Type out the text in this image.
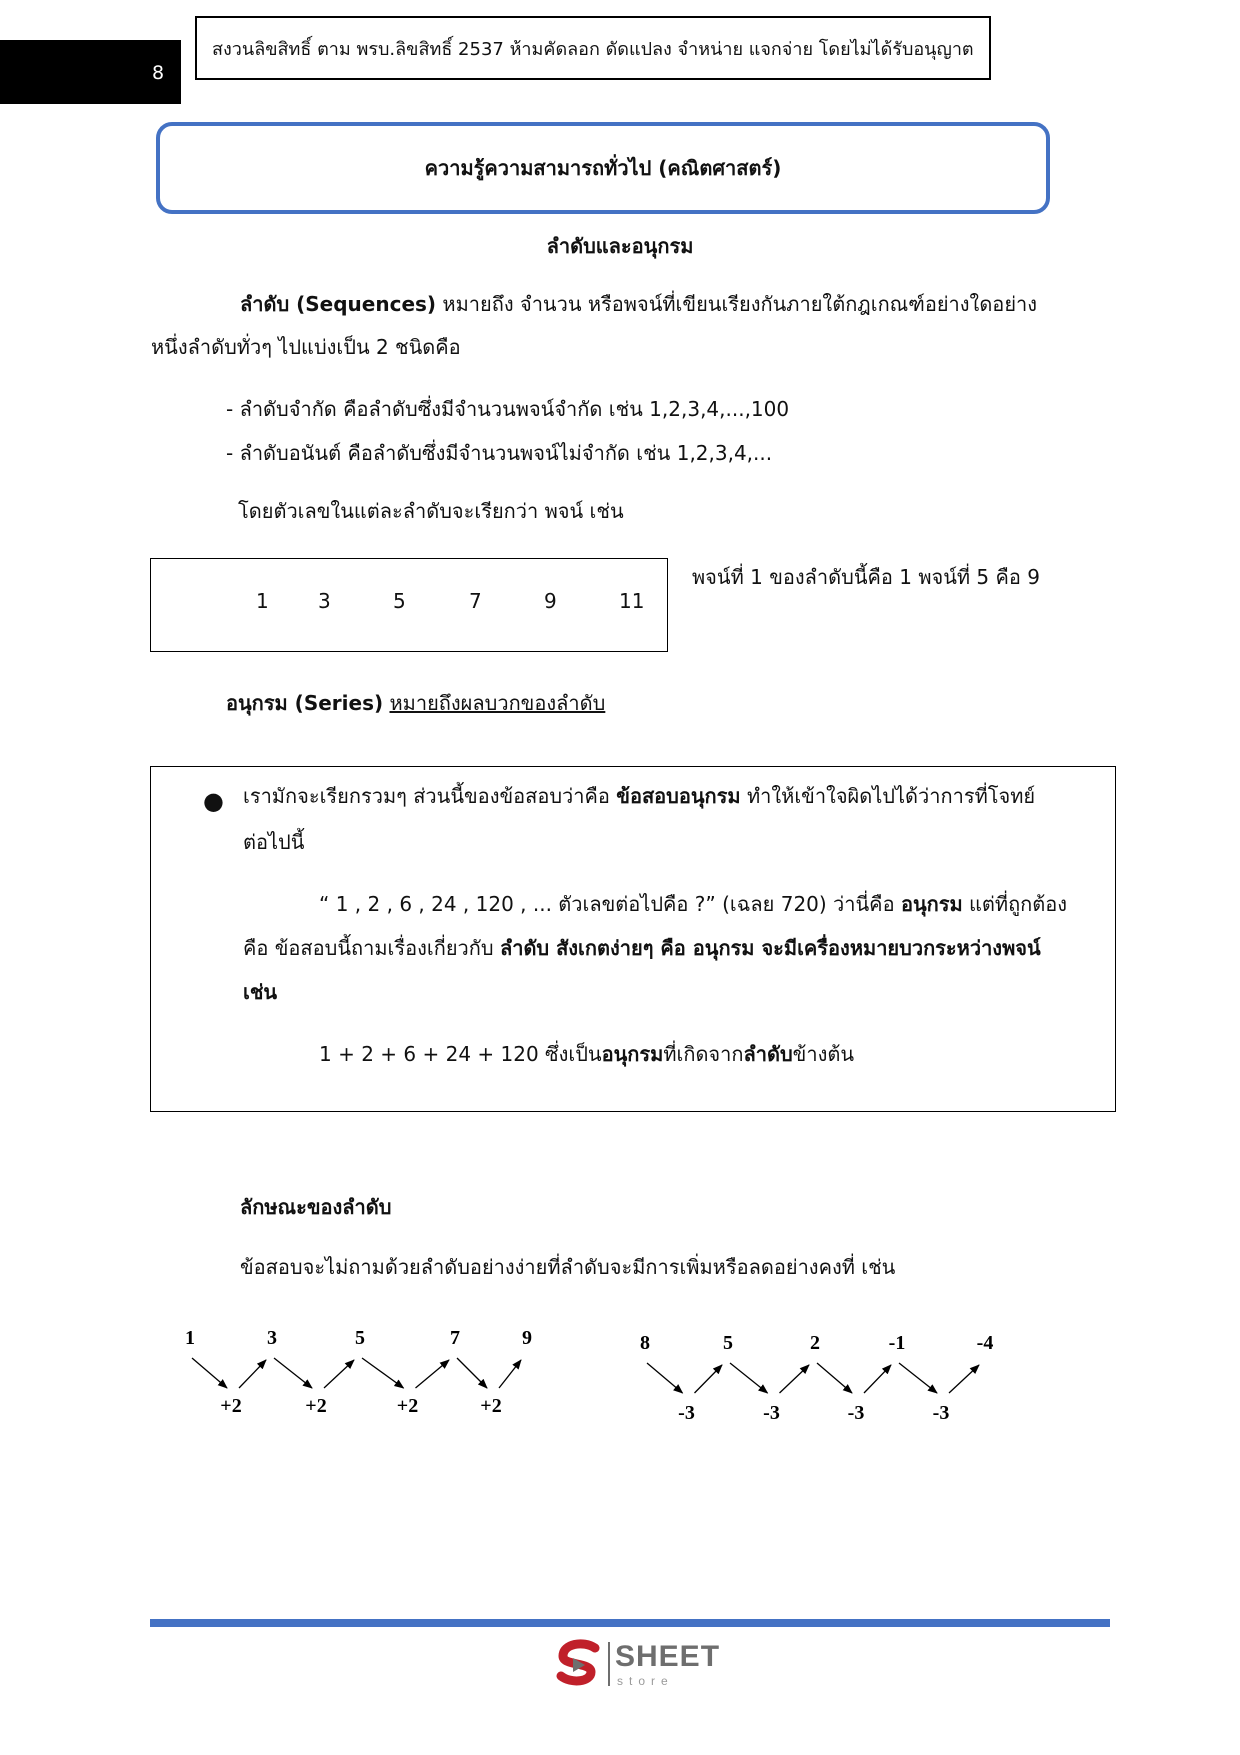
8
สงวนลิขสิทธิ์ ตาม พรบ.ลิขสิทธิ์ 2537 ห้ามคัดลอก ดัดแปลง จำหน่าย แจกจ่าย โดยไม่ได้รับอนุญาต
ความรู้ความสามารถทั่วไป (คณิตศาสตร์)
ลำดับและอนุกรม
ลำดับ (Sequences) หมายถึง จำนวน หรือพจน์ที่เขียนเรียงกันภายใต้กฎเกณฑ์อย่างใดอย่าง
หนึ่งลำดับทั่วๆ ไปแบ่งเป็น 2 ชนิดคือ
- ลำดับจำกัด คือลำดับซึ่งมีจำนวนพจน์จำกัด เช่น 1,2,3,4,...,100
- ลำดับอนันต์ คือลำดับซึ่งมีจำนวนพจน์ไม่จำกัด เช่น 1,2,3,4,...
โดยตัวเลขในแต่ละลำดับจะเรียกว่า พจน์ เช่น
1 3	5	7	9	11
พจน์ที่ 1 ของลำดับนี้คือ 1 พจน์ที่ 5 คือ 9
อนุกรม (Series) หมายถึงผลบวกของลำดับ
● เรามักจะเรียกรวมๆ ส่วนนี้ของข้อสอบว่าคือ ข้อสอบอนุกรม ทำให้เข้าใจผิดไปได้ว่าการที่โจทย์
ต่อไปนี้
“ 1 , 2 , 6 , 24 , 120 , ... ตัวเลขต่อไปคือ ?” (เฉลย 720) ว่านี่คือ อนุกรม แต่ที่ถูกต้อง
คือ ข้อสอบนี้ถามเรื่องเกี่ยวกับ ลำดับ สังเกตง่ายๆ คือ อนุกรม จะมีเครื่องหมายบวกระหว่างพจน์
เช่น
1 + 2 + 6 + 24 + 120 ซึ่งเป็นอนุกรมที่เกิดจากลำดับข้างต้น
ลักษณะของลำดับ
ข้อสอบจะไม่ถามด้วยลำดับอย่างง่ายที่ลำดับจะมีการเพิ่มหรือลดอย่างคงที่ เช่น
1	3	5	7	9
+2	+2	+2	+2
8	5	2	-1	-4
-3	-3	-3	-3
SHEET
store
